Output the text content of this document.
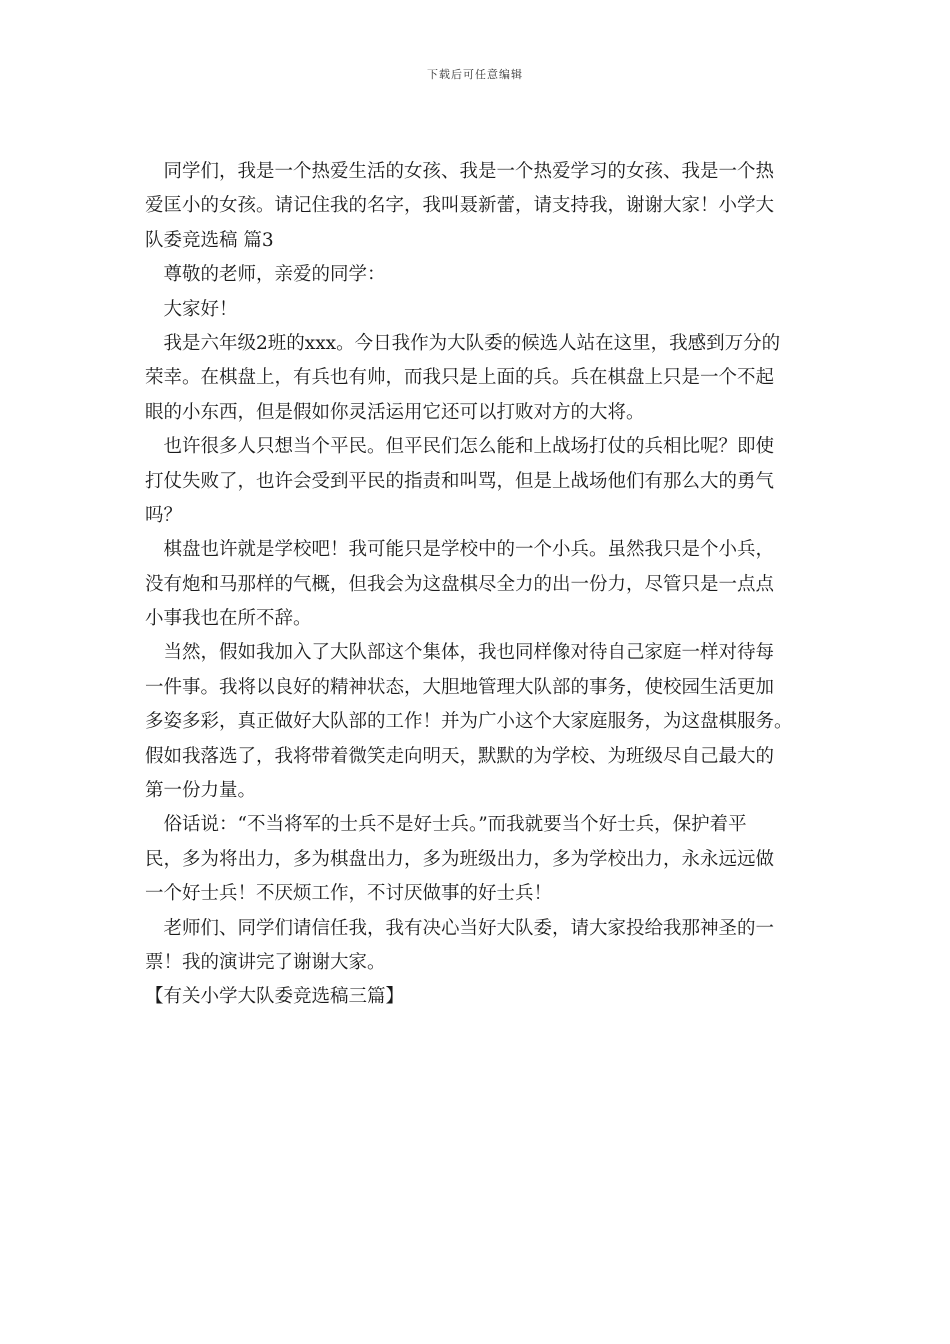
下载后可任意编辑
　同学们，我是一个热爱生活的女孩、我是一个热爱学习的女孩、我是一个热
爱匡小的女孩。请记住我的名字，我叫聂新蕾，请支持我，谢谢大家！小学大
队委竞选稿 篇3
　尊敬的老师，亲爱的同学：
　大家好！
　我是六年级2班的xxx。今日我作为大队委的候选人站在这里，我感到万分的
荣幸。在棋盘上，有兵也有帅，而我只是上面的兵。兵在棋盘上只是一个不起
眼的小东西，但是假如你灵活运用它还可以打败对方的大将。
　也许很多人只想当个平民。但平民们怎么能和上战场打仗的兵相比呢？即使
打仗失败了，也许会受到平民的指责和叫骂，但是上战场他们有那么大的勇气
吗？
　棋盘也许就是学校吧！我可能只是学校中的一个小兵。虽然我只是个小兵，
没有炮和马那样的气概，但我会为这盘棋尽全力的出一份力，尽管只是一点点
小事我也在所不辞。
　当然，假如我加入了大队部这个集体，我也同样像对待自己家庭一样对待每
一件事。我将以良好的精神状态，大胆地管理大队部的事务，使校园生活更加
多姿多彩，真正做好大队部的工作！并为广小这个大家庭服务，为这盘棋服务。
假如我落选了，我将带着微笑走向明天，默默的为学校、为班级尽自己最大的
第一份力量。
　俗话说：“不当将军的士兵不是好士兵。”而我就要当个好士兵，保护着平
民，多为将出力，多为棋盘出力，多为班级出力，多为学校出力，永永远远做
一个好士兵！不厌烦工作，不讨厌做事的好士兵！
　老师们、同学们请信任我，我有决心当好大队委，请大家投给我那神圣的一
票！我的演讲完了谢谢大家。
【有关小学大队委竞选稿三篇】
